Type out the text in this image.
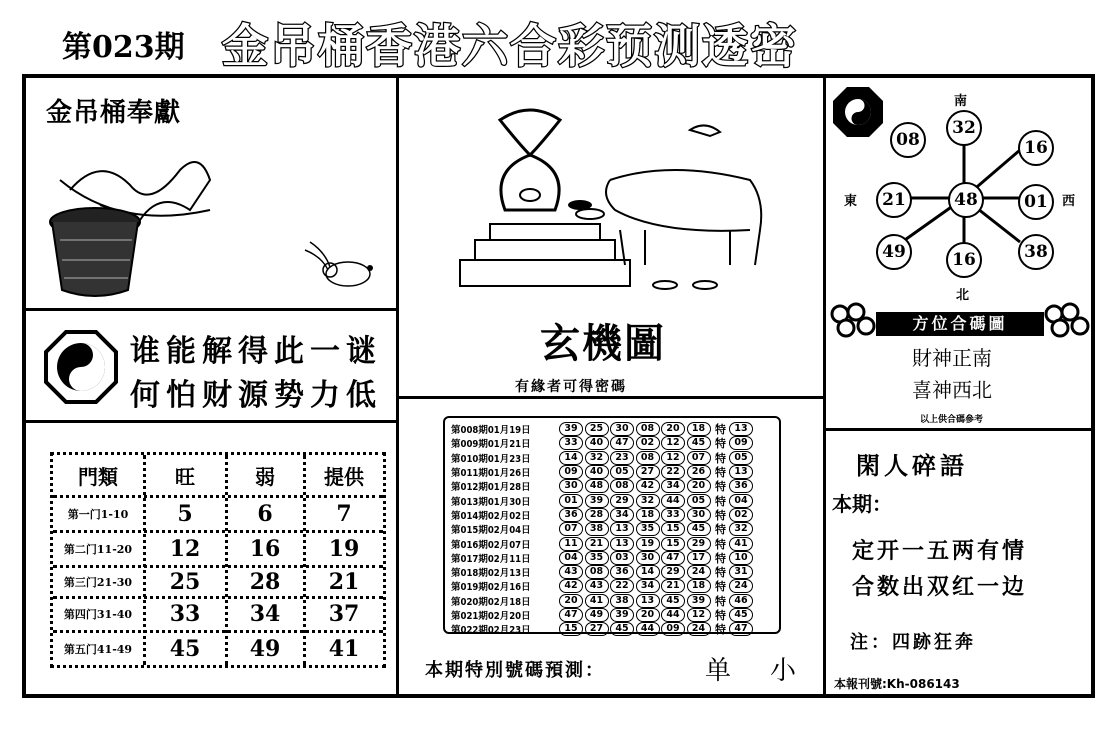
第023期 金吊桶香港六合彩预测透密
金吊桶奉獻
谁能解得此一谜
何怕财源势力低
門類	旺	弱	提供
第一门1-10	5	6	7
第二门11-20	12	16	19
第三门21-30	25	28	21
第四门31-40	33	34	37
第五门41-49	45	49	41
玄機圖
有緣者可得密碼
第008期01月19日	39	25	30	08	20	18 特 13
第009期01月21日	33	40	47	02	12	45 特 09
第010期01月23日	14	32	23	08	12	07 特 05
第011期01月26日	09	40	05	27	22	26 特 13
第012期01月28日	30	48	08	42	34	20 特 36
第013期01月30日	01	39	29	32	44	05 特 04
第014期02月02日	36	28	34	18	33	30 特 02
第015期02月04日	07	38	13	35	15	45 特 32
第016期02月07日	11	21	13	19	15	29 特 41
第017期02月11日	04	35	03	30	47	17 特 10
第018期02月13日	43	08	36	14	29	24 特 31
第019期02月16日	42	43	22	34	21	18 特 24
第020期02月18日	20	41	38	13	45	39 特 46
第021期02月20日	47	49	39	20	44	12 特 45
第022期02月23日	15	27	45	44	09	24 特 47
本期特別號碼預測：	单 小
南
北
東	西
32
08	16
21	48	01
49	16	38
方位合碼圖
財神正南
喜神西北
以上供合碼參考
閑人碎語
本期：
定开一五两有情
合数出双红一边
注：四跡狂奔
本報刊號:Kh-086143
